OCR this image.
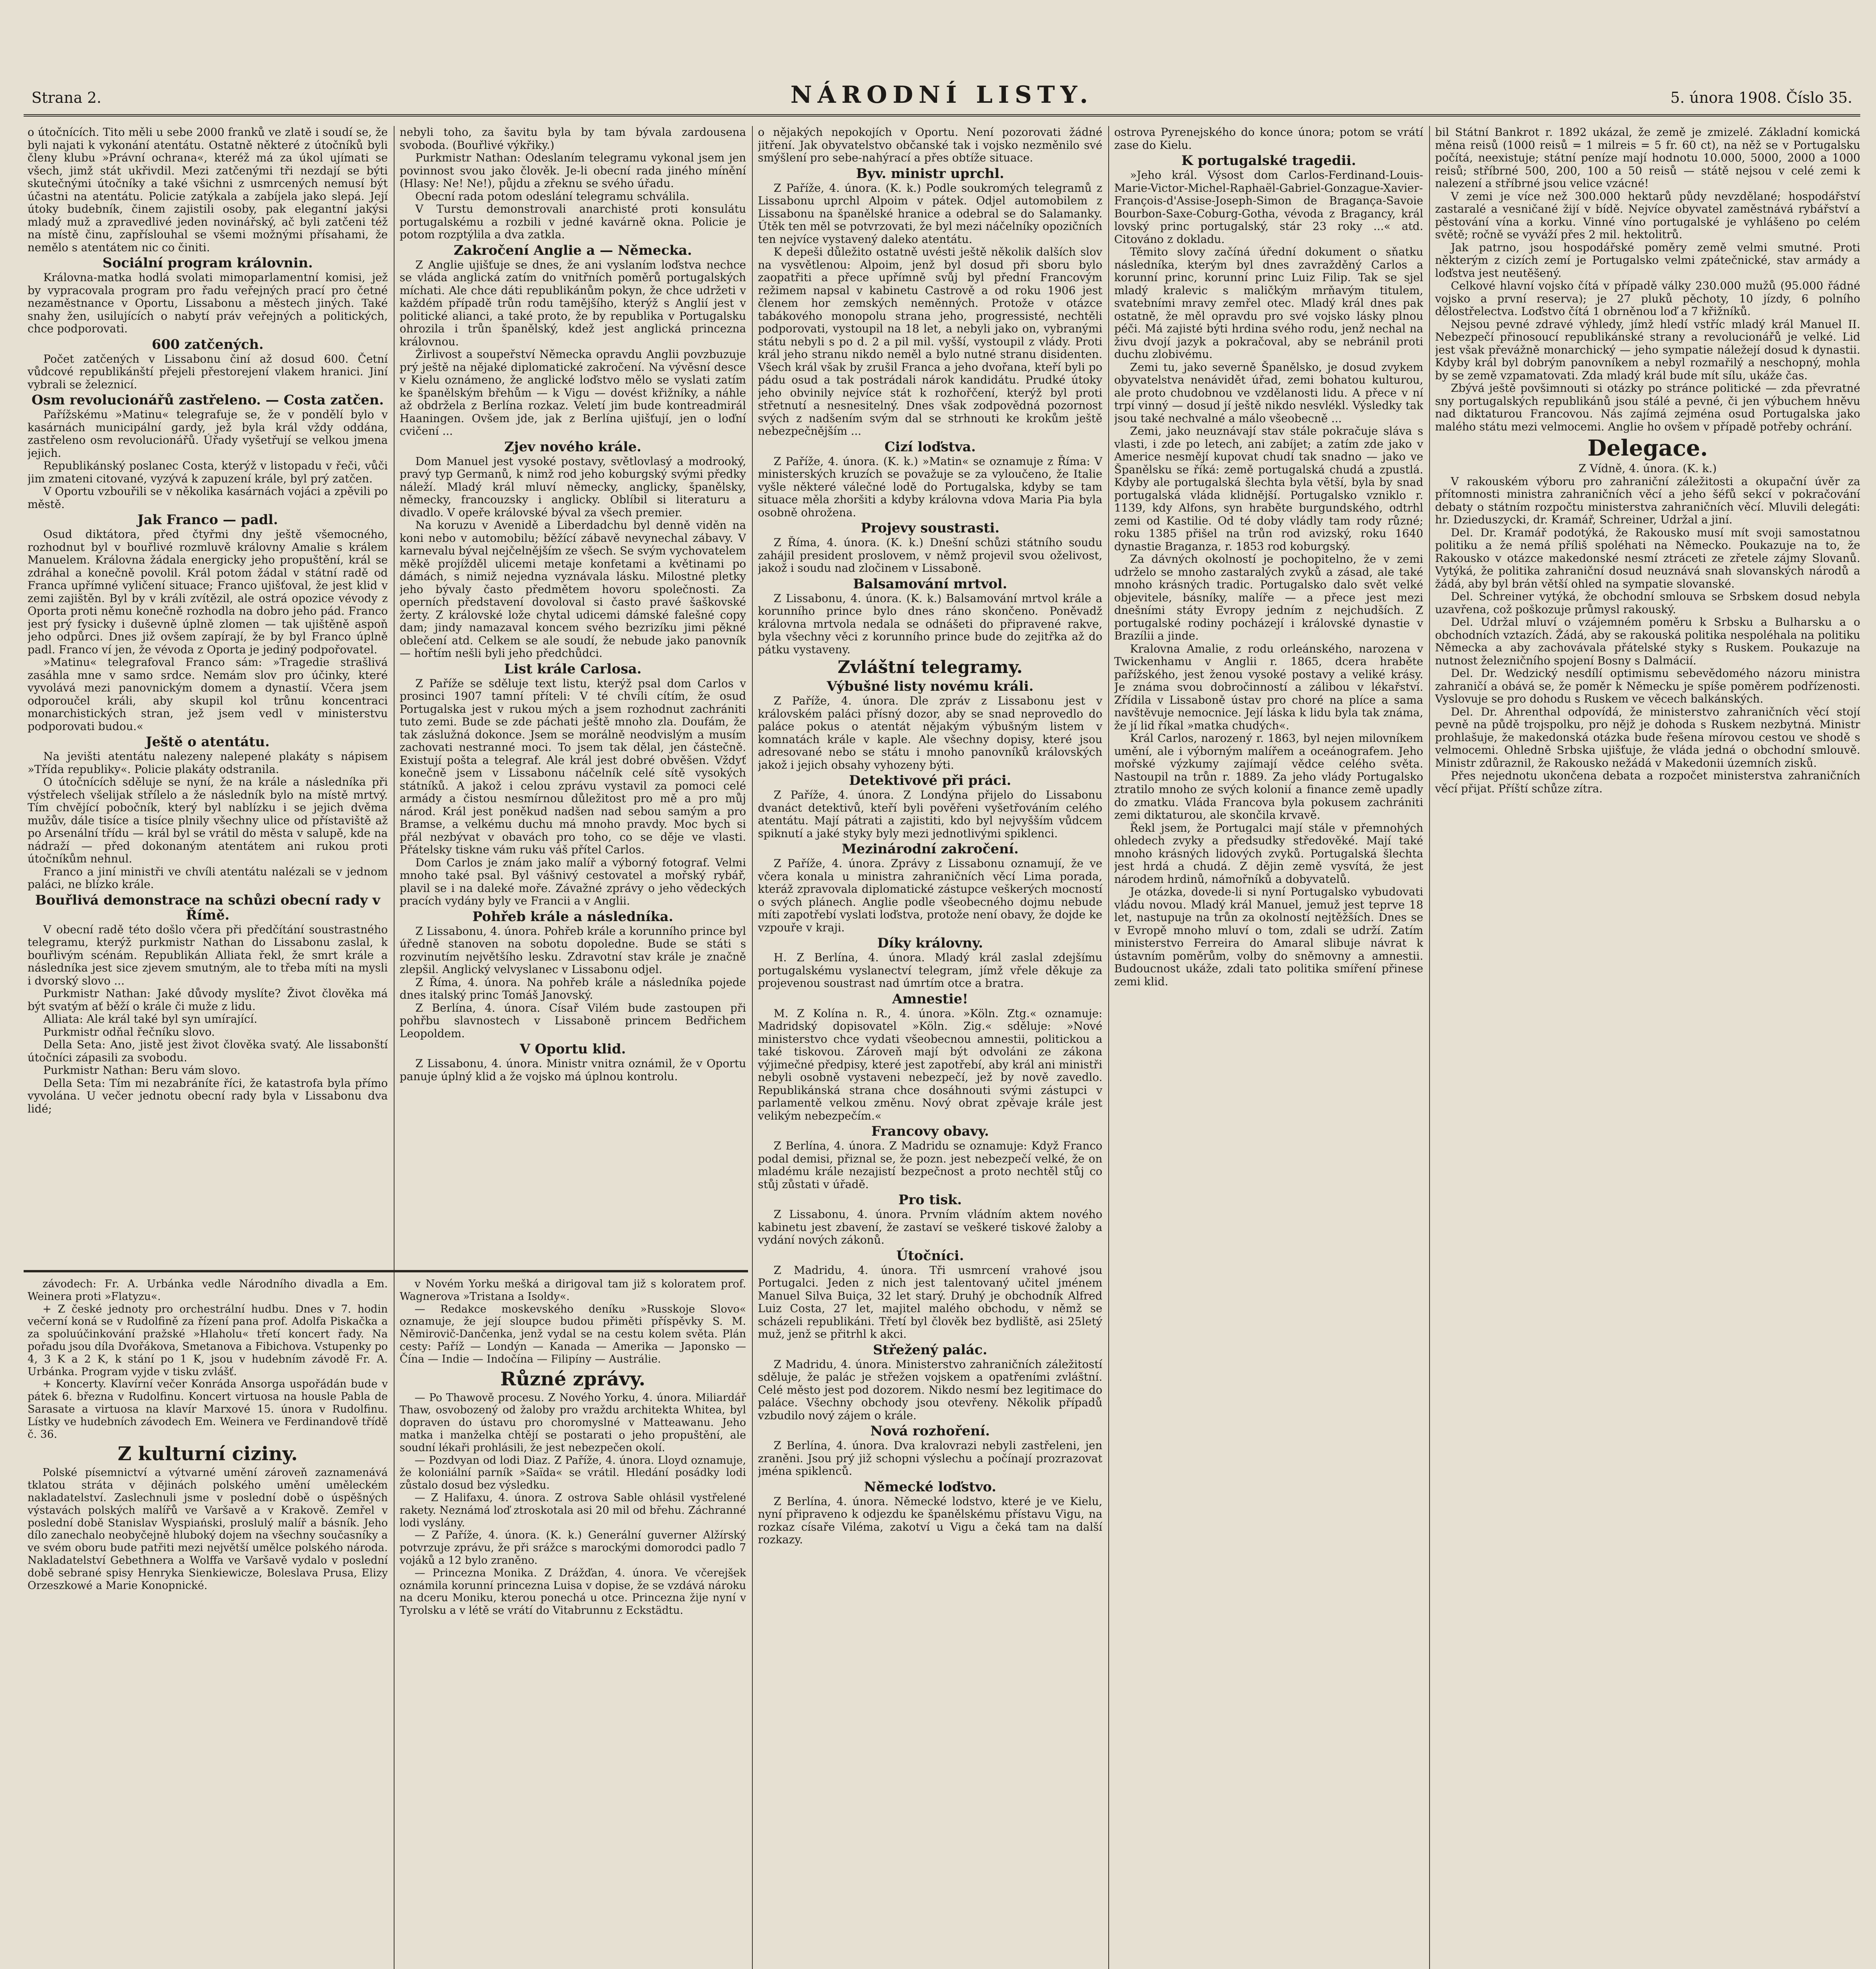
Strana 2.	NÁRODNÍ LISTY.	5. února 1908. Číslo 35.

o útočnících. Tito měli u sebe 2000 franků ve zlatě i soudí se, že byli najati k vykonání atentátu. Ostatně některé z útočníků byli členy klubu »Právní ochrana«, kteréž má za úkol ujímati se všech, jimž stát ukřivdil. Mezi zatčenými tři nezdají se býti skutečnými útočníky a také všichni z usmrcených nemusí být účastni na atentátu. Policie zatýkala a zabíjela jako slepá. Její útoky budebník, činem zajistili osoby, pak elegantní jakýsi mladý muž a zpravedlivé jeden novinářský, ač byli zatčeni též na místě činu, zapříslouhal se všemi možnými přísahami, že nemělo s atentátem nic co činiti.

Sociální program královnin.

Královna-matka hodlá svolati mimoparlamentní komisi, jež by vypracovala program pro řadu veřejných prací pro četné nezaměstnance v Oportu, Lissabonu a městech jiných. Také snahy žen, usilujících o nabytí práv veřejných a politických, chce podporovati.

600 zatčených.

Počet zatčených v Lissabonu činí až dosud 600. Četní vůdcové republikánští přejeli přestorejení vlakem hranici. Jiní vybrali se železnicí.

Osm revolucionářů zastřeleno. — Costa zatčen.

Pařížskému »Matinu« telegrafuje se, že v pondělí bylo v kasárnách municipální gardy, jež byla král vždy oddána, zastřeleno osm revolucionářů. Úřady vyšetřují se velkou jmena jejich.

Republikánský poslanec Costa, kterýž v listopadu v řeči, vůči jim zmateni citované, vyzývá k zapuzení krále, byl prý zatčen.

V Oportu vzbouřili se v několika kasárnách vojáci a zpěvili po městě.

Jak Franco — padl.

Osud diktátora, před čtyřmi dny ještě všemocného, rozhodnut byl v bouřlivé rozmluvě královny Amalie s králem Manuelem. Královna žádala energicky jeho propuštění, král se zdráhal a konečně povolil. Král potom žádal v státní radě od Franca upřímné vyličení situace; Franco ujišťoval, že jest klid v zemi zajištěn. Byl by v králi zvítězil, ale ostrá opozice vévody z Oporta proti němu konečně rozhodla na dobro jeho pád. Franco jest prý fysicky i duševně úplně zlomen — tak ujištěně aspoň jeho odpůrci. Dnes již ovšem zapírají, že by byl Franco úplně padl. Franco ví jen, že vévoda z Oporta je jediný podpořovatel.

»Matinu« telegrafoval Franco sám: »Tragedie strašlivá zasáhla mne v samo srdce. Nemám slov pro účinky, které vyvolává mezi panovnickým domem a dynastií. Včera jsem odporoučel králi, aby skupil kol trůnu koncentraci monarchistických stran, jež jsem vedl v ministerstvu podporovati budou.«

Ještě o atentátu.

Na jevišti atentátu nalezeny nalepené plakáty s nápisem »Třída republiky«. Policie plakáty odstranila.

O útočnících sděluje se nyní, že na krále a následníka při výstřelech všelijak střílelo a že následník bylo na místě mrtvý. Tím chvějící pobočník, který byl nablízku i se jejich dvěma mužův, dále tisíce a tisíce plnily všechny ulice od přístaviště až po Arsenální třídu — král byl se vrátil do města v salupě, kde na nádraží — před dokonaným atentátem ani rukou proti útočníkům nehnul.

Franco a jiní ministři ve chvíli atentátu nalézali se v jednom paláci, ne blízko krále.

Bouřlivá demonstrace na schůzi obecní rady v Římě.

V obecní radě této došlo včera při předčítání soustrastného telegramu, kterýž purkmistr Nathan do Lissabonu zaslal, k bouřlivým scénám. Republikán Alliata řekl, že smrt krále a následníka jest sice zjevem smutným, ale to třeba míti na mysli i dvorský slovo ...

Purkmistr Nathan: Jaké důvody myslíte? Život člověka má být svatým ať běží o krále či muže z lidu.

Alliata: Ale král také byl syn umírající.

Purkmistr odňal řečníku slovo.

Della Seta: Ano, jistě jest život člověka svatý. Ale lissabonští útočníci zápasili za svobodu.

Purkmistr Nathan: Beru vám slovo.

Della Seta: Tím mi nezabráníte říci, že katastrofa byla přímo vyvolána. U večer jednotu obecní rady byla v Lissabonu dva lidé;

nebyli toho, za šavitu byla by tam bývala zardousena svoboda. (Bouřlivé výkřiky.)

Purkmistr Nathan: Odeslaním telegramu vykonal jsem jen povinnost svou jako člověk. Je-li obecní rada jiného mínění (Hlasy: Ne! Ne!), půjdu a zřeknu se svého úřadu.

Obecní rada potom odeslání telegramu schválila.

V Turstu demonstrovali anarchisté proti konsulátu portugalskému a rozbili v jedné kavárně okna. Policie je potom rozptýlila a dva zatkla.

Zakročení Anglie a — Německa.

Z Anglie ujišťuje se dnes, že ani vyslaním loďstva nechce se vláda anglická zatím do vnitřních poměrů portugalských míchati. Ale chce dáti republikánům pokyn, že chce udržeti v každém případě trůn rodu tamějšího, kterýž s Anglií jest v politické alianci, a také proto, že by republika v Portugalsku ohrozila i trůn španělský, kdež jest anglická princezna královnou.

Žirlivost a soupeřství Německa opravdu Anglii povzbuzuje prý ještě na nějaké diplomatické zakročení. Na vývěsní desce v Kielu oznámeno, že anglické loďstvo mělo se vyslati zatím ke španělským břehům — k Vigu — dovést křižníky, a náhle až obdržela z Berlína rozkaz. Veletí jim bude kontreadmirál Haaningen. Ovšem jde, jak z Berlína ujišťují, jen o loďní cvičení ...

Zjev nového krále.

Dom Manuel jest vysoké postavy, světlovlasý a modrooký, pravý typ Germanů, k nimž rod jeho koburgský svými předky náleží. Mladý král mluví německy, anglicky, španělsky, německy, francouzsky i anglicky. Oblíbil si literaturu a divadlo. V opeře královské býval za všech premier.

Na koruzu v Avenidě a Liberdadchu byl denně viděn na koni nebo v automobilu; běžící zábavě nevynechal zábavy. V karnevalu býval nejčelnějším ze všech. Se svým vychovatelem měkě projížděl ulicemi metaje konfetami a květinami po dámách, s nimiž nejedna vyznávala lásku. Milostné pletky jeho bývaly často předmětem hovoru společnosti. Za operních představení dovoloval si často pravé šaškovské žerty. Z královské lože chytal udicemi dámské falešné copy dam; jindy namazaval koncem svého bezrizíku jimi pěkné oblečení atd. Celkem se ale soudí, že nebude jako panovník — hořtím nešli byli jeho předchůdci.

List krále Carlosa.

Z Paříže se sděluje text listu, kterýž psal dom Carlos v prosinci 1907 tamní příteli: V té chvíli cítím, že osud Portugalska jest v rukou mých a jsem rozhodnut zachrániti tuto zemi. Bude se zde páchati ještě mnoho zla. Doufám, že tak záslužná dokonce. Jsem se morálně neodvislým a musím zachovati nestranné moci. To jsem tak dělal, jen částečně. Existují pošta a telegraf. Ale král jest dobré obvěšen. Vždyť konečně jsem v Lissabonu náčelník celé sítě vysokých státníků. A jakož i celou zprávu vystavil za pomoci celé armády a čistou nesmírnou důležitost pro mě a pro můj národ. Král jest poněkud nadšen nad sebou samým a pro Bramse, a velkému duchu má mnoho pravdy. Moc bych si přál nezbývat v obavách pro toho, co se děje ve vlasti. Přátelsky tiskne vám ruku váš přítel Carlos.

Dom Carlos je znám jako malíř a výborný fotograf. Velmi mnoho také psal. Byl vášnivý cestovatel a mořský rybář, plavil se i na daleké moře. Závažné zprávy o jeho vědeckých pracích vydány byly ve Francii a v Anglii.

Pohřeb krále a následníka.

Z Lissabonu, 4. února. Pohřeb krále a korunního prince byl úředně stanoven na sobotu dopoledne. Bude se státi s rozvinutím největšího lesku. Zdravotní stav krále je značně zlepšil. Anglický velvyslanec v Lissabonu odjel.

Z Říma, 4. února. Na pohřeb krále a následníka pojede dnes italský princ Tomáš Janovský.

Z Berlína, 4. února. Císař Vilém bude zastoupen při pohřbu slavnostech v Lissaboně princem Bedřichem Leopoldem.

V Oportu klid.

Z Lissabonu, 4. února. Ministr vnitra oznámil, že v Oportu panuje úplný klid a že vojsko má úplnou kontrolu.

o nějakých nepokojích v Oportu. Není pozorovati žádné jitření. Jak obyvatelstvo občanské tak i vojsko nezměnilo své smýšlení pro sebe-nahýrací a přes obtíže situace.

Byv. ministr uprchl.

Z Paříže, 4. února. (K. k.) Podle soukromých telegramů z Lissabonu uprchl Alpoim v pátek. Odjel automobilem z Lissabonu na španělské hranice a odebral se do Salamanky. Útěk ten měl se potvrzovati, že byl mezi náčelníky opozičních ten nejvíce vystavený daleko atentátu.

K depeši důležito ostatně uvésti ještě několik dalších slov na vysvětlenou: Alpoim, jenž byl dosud při sboru bylo zaopatřiti a přece upřímně svůj byl přední Francovým režimem napsal v kabinetu Castrově a od roku 1906 jest členem hor zemských neměnných. Protože v otázce tabákového monopolu strana jeho, progressisté, nechtěli podporovati, vystoupil na 18 let, a nebyli jako on, vybranými státu nebyli s po d. 2 a pil mil. vyšší, vystoupil z vlády. Proti král jeho stranu nikdo neměl a bylo nutné stranu disidenten. Všech král však by zrušil Franca a jeho dvořana, kteří byli po pádu osud a tak postrádali nárok kandidátu. Prudké útoky jeho obvinily nejvíce stát k rozhořčení, kterýž byl proti střetnutí a nesnesitelný. Dnes však zodpovědná pozornost svých z nadšením svým dal se strhnouti ke krokům ještě nebezpečnějším ...

Cizí loďstva.

Z Paříže, 4. února. (K. k.) »Matin« se oznamuje z Říma: V ministerských kruzích se považuje se za vyloučeno, že Italie vyšle některé válečné lodě do Portugalska, kdyby se tam situace měla zhoršiti a kdyby královna vdova Maria Pia byla osobně ohrožena.

Projevy soustrasti.

Z Říma, 4. února. (K. k.) Dnešní schůzi státního soudu zahájil president proslovem, v němž projevil svou oželivost, jakož i soudu nad zločinem v Lissaboně.

Balsamování mrtvol.

Z Lissabonu, 4. února. (K. k.) Balsamování mrtvol krále a korunního prince bylo dnes ráno skončeno. Poněvadž královna mrtvola nedala se odnášeti do připravené rakve, byla všechny věci z korunního prince bude do zejitřka až do pátku vystaveny.

Zvláštní telegramy.
Výbušné listy novému králi.

Z Paříže, 4. února. Dle zpráv z Lissabonu jest v královském paláci přísný dozor, aby se snad neprovedlo do paláce pokus o atentát nějakým výbušným listem v komnatách krále v kaple. Ale všechny dopisy, které jsou adresované nebo se státu i mnoho panovníků královských jakož i jejich obsahy vyhozeny býti.

Detektivové při práci.

Z Paříže, 4. února. Z Londýna přijelo do Lissabonu dvanáct detektivů, kteří byli pověřeni vyšetřováním celého atentátu. Mají pátrati a zajistiti, kdo byl nejvyšším vůdcem spiknutí a jaké styky byly mezi jednotlivými spiklenci.

Mezinárodní zakročení.

Z Paříže, 4. února. Zprávy z Lissabonu oznamují, že ve včera konala u ministra zahraničních věcí Lima porada, kteráž zpravovala diplomatické zástupce veškerých mocností o svých plánech. Anglie podle všeobecného dojmu nebude míti zapotřebí vyslati loďstva, protože není obavy, že dojde ke vzpouře v kraji.

Díky královny.

H. Z Berlína, 4. února. Mladý král zaslal zdejšímu portugalskému vyslanectví telegram, jímž vřele děkuje za projevenou soustrast nad úmrtím otce a bratra.

Amnestie!

M. Z Kolína n. R., 4. února. »Köln. Ztg.« oznamuje: Madridský dopisovatel »Köln. Zig.« sděluje: »Nové ministerstvo chce vydati všeobecnou amnestii, politickou a také tiskovou. Zároveň mají být odvoláni ze zákona výjimečné předpisy, které jest zapotřebí, aby král ani ministři nebyli osobně vystaveni nebezpečí, jež by nově zavedlo. Republikánská strana chce dosáhnouti svými zástupci v parlamentě velkou změnu. Nový obrat zpěvaje krále jest velikým nebezpečím.«

Francovy obavy.

Z Berlína, 4. února. Z Madridu se oznamuje: Když Franco podal demisi, přiznal se, že pozn. jest nebezpečí velké, že on mladému krále nezajistí bezpečnost a proto nechtěl stůj co stůj zůstati v úřadě.

Pro tisk.

Z Lissabonu, 4. února. Prvním vládním aktem nového kabinetu jest zbavení, že zastaví se veškeré tiskové žaloby a vydání nových zákonů.

Útočníci.

Z Madridu, 4. února. Tři usmrcení vrahové jsou Portugalci. Jeden z nich jest talentovaný učitel jménem Manuel Silva Buiça, 32 let starý. Druhý je obchodník Alfred Luiz Costa, 27 let, majitel malého obchodu, v němž se scházeli republikáni. Třetí byl člověk bez bydliště, asi 25letý muž, jenž se přitrhl k akci.

Střežený palác.

Z Madridu, 4. února. Ministerstvo zahraničních záležitostí sděluje, že palác je střežen vojskem a opatřeními zvláštní. Celé město jest pod dozorem. Nikdo nesmí bez legitimace do paláce. Všechny obchody jsou otevřeny. Několik případů vzbudilo nový zájem o krále.

Nová rozhoření.

Z Berlína, 4. února. Dva kralovrazi nebyli zastřeleni, jen zraněni. Jsou prý již schopni výslechu a počínají prozrazovat jména spiklenců.

Německé loďstvo.

Z Berlína, 4. února. Německé lodstvo, které je ve Kielu, nyní připraveno k odjezdu ke španělskému přístavu Vigu, na rozkaz císaře Viléma, zakotví u Vigu a čeká tam na další rozkazy.

ostrova Pyrenejského do konce února; potom se vrátí zase do Kielu.

K portugalské tragedii.

»Jeho král. Výsost dom Carlos-Ferdinand-Louis-Marie-Victor-Michel-Raphaël-Gabriel-Gonzague-Xavier-François-d'Assise-Joseph-Simon de Bragança-Savoie Bourbon-Saxe-Coburg-Gotha, vévoda z Bragancy, král lovský princ portugalský, stár 23 roky ...« atd. Citováno z dokladu.

Těmito slovy začíná úřední dokument o sňatku následníka, kterým byl dnes zavražděný Carlos a korunní princ, korunní princ Luiz Filip. Tak se sjel mladý kralevic s maličkým mrňavým titulem, svatebními mravy zemřel otec. Mladý král dnes pak ostatně, že měl opravdu pro své vojsko lásky plnou péči. Má zajisté býti hrdina svého rodu, jenž nechal na živu dvojí jazyk a pokračoval, aby se nebránil proti duchu zlobivému.

Zemi tu, jako severně Španělsko, je dosud zvykem obyvatelstva nenávidět úřad, zemi bohatou kulturou, ale proto chudobnou ve vzdělanosti lidu. A přece v ní trpí vinný — dosud jí ještě nikdo nesvlékl. Výsledky tak jsou také nechvalné a málo všeobecně ...

Zemi, jako neuznávají stav stále pokračuje sláva s vlasti, i zde po letech, ani zabíjet; a zatím zde jako v Americe nesmějí kupovat chudí tak snadno — jako ve Španělsku se říká: země portugalská chudá a zpustlá. Kdyby ale portugalská šlechta byla větší, byla by snad portugalská vláda klidnější. Portugalsko vzniklo r. 1139, kdy Alfons, syn hraběte burgundského, odtrhl zemi od Kastilie. Od té doby vládly tam rody různé; roku 1385 přišel na trůn rod avizský, roku 1640 dynastie Braganza, r. 1853 rod koburgský.

Za dávných okolností je pochopitelno, že v zemi udrželo se mnoho zastaralých zvyků a zásad, ale také mnoho krásných tradic. Portugalsko dalo svět velké objevitele, básníky, malíře — a přece jest mezi dnešními státy Evropy jedním z nejchudších. Z portugalské rodiny pocházejí i královské dynastie v Brazílii a jinde.

Kralovna Amalie, z rodu orleánského, narozena v Twickenhamu v Anglii r. 1865, dcera hraběte pařížského, jest ženou vysoké postavy a veliké krásy. Je známa svou dobročinností a zálibou v lékařství. Zřídila v Lissaboně ústav pro choré na plíce a sama navštěvuje nemocnice. Její láska k lidu byla tak známa, že jí lid říkal »matka chudých«.

Král Carlos, narozený r. 1863, byl nejen milovníkem umění, ale i výborným malířem a oceánografem. Jeho mořské výzkumy zajímají vědce celého světa. Nastoupil na trůn r. 1889. Za jeho vlády Portugalsko ztratilo mnoho ze svých kolonií a finance země upadly do zmatku. Vláda Francova byla pokusem zachrániti zemi diktaturou, ale skončila krvavě.

Řekl jsem, že Portugalci mají stále v přemnohých ohledech zvyky a předsudky středověké. Mají také mnoho krásných lidových zvyků. Portugalská šlechta jest hrdá a chudá. Z dějin země vysvítá, že jest národem hrdinů, námořníků a dobyvatelů.

Je otázka, dovede-li si nyní Portugalsko vybudovati vládu novou. Mladý král Manuel, jemuž jest teprve 18 let, nastupuje na trůn za okolností nejtěžších. Dnes se v Evropě mnoho mluví o tom, zdali se udrží. Zatím ministerstvo Ferreira do Amaral slibuje návrat k ústavním poměrům, volby do sněmovny a amnestii. Budoucnost ukáže, zdali tato politika smíření přinese zemi klid.

bil Státní Bankrot r. 1892 ukázal, že země je zmizelé. Základní komická měna reisů (1000 reisů = 1 milreis = 5 fr. 60 ct), na něž se v Portugalsku počítá, neexistuje; státní peníze mají hodnotu 10.000, 5000, 2000 a 1000 reisů; stříbrné 500, 200, 100 a 50 reisů — státě nejsou v celé zemi k nalezení a stříbrné jsou velice vzácné!

V zemi je více než 300.000 hektarů půdy nevzdělané; hospodářství zastaralé a vesničané žijí v bídě. Nejvíce obyvatel zaměstnává rybářství a pěstování vína a korku. Vinné víno portugalské je vyhlášeno po celém světě; ročně se vyváží přes 2 mil. hektolitrů.

Jak patrno, jsou hospodářské poměry země velmi smutné. Proti některým z cizích zemí je Portugalsko velmi zpátečnické, stav armády a loďstva jest neutěšený.

Celkové hlavní vojsko čítá v případě války 230.000 mužů (95.000 řádné vojsko a první reserva); je 27 pluků pěchoty, 10 jízdy, 6 polního dělostřelectva. Loďstvo čítá 1 obrněnou loď a 7 křižníků.

Nejsou pevné zdravé výhledy, jímž hledí vstříc mladý král Manuel II. Nebezpečí přinosoucí republikánské strany a revolucionářů je velké. Lid jest však převážně monarchický — jeho sympatie náležejí dosud k dynastii. Kdyby král byl dobrým panovníkem a nebyl rozmařilý a neschopný, mohla by se země vzpamatovati. Zda mladý král bude mít sílu, ukáže čas.

Zbývá ještě povšimnouti si otázky po stránce politické — zda převratné sny portugalských republikánů jsou stálé a pevné, či jen výbuchem hněvu nad diktaturou Francovou. Nás zajímá zejména osud Portugalska jako malého státu mezi velmocemi. Anglie ho ovšem v případě potřeby ochrání.

Delegace.

Z Vídně, 4. února. (K. k.)

V rakouském výboru pro zahraniční záležitosti a okupační úvěr za přítomnosti ministra zahraničních věcí a jeho šéfů sekcí v pokračování debaty o státním rozpočtu ministerstva zahraničních věcí. Mluvili delegáti: hr. Dzieduszycki, dr. Kramář, Schreiner, Udržal a jiní.

Del. Dr. Kramář podotýká, že Rakousko musí mít svoji samostatnou politiku a že nemá příliš spoléhati na Německo. Poukazuje na to, že Rakousko v otázce makedonské nesmí ztráceti ze zřetele zájmy Slovanů. Vytýká, že politika zahraniční dosud neuznává snah slovanských národů a žádá, aby byl brán větší ohled na sympatie slovanské.

Del. Schreiner vytýká, že obchodní smlouva se Srbskem dosud nebyla uzavřena, což poškozuje průmysl rakouský.

Del. Udržal mluví o vzájemném poměru k Srbsku a Bulharsku a o obchodních vztazích. Žádá, aby se rakouská politika nespoléhala na politiku Německa a aby zachovávala přátelské styky s Ruskem. Poukazuje na nutnost železničního spojení Bosny s Dalmácií.

Del. Dr. Wedzický nesdílí optimismu sebevědomého názoru ministra zahraničí a obává se, že poměr k Německu je spíše poměrem podřízenosti. Vyslovuje se pro dohodu s Ruskem ve věcech balkánských.

Del. Dr. Ahrenthal odpovídá, že ministerstvo zahraničních věcí stojí pevně na půdě trojspolku, pro nějž je dohoda s Ruskem nezbytná. Ministr prohlašuje, že makedonská otázka bude řešena mírovou cestou ve shodě s velmocemi. Ohledně Srbska ujišťuje, že vláda jedná o obchodní smlouvě. Ministr zdůraznil, že Rakousko nežádá v Makedonii územních zisků.

Přes nejednotu ukončena debata a rozpočet ministerstva zahraničních věcí přijat. Příští schůze zítra.

závodech: Fr. A. Urbánka vedle Národního divadla a Em. Weinera proti »Flatyzu«.

+ Z české jednoty pro orchestrální hudbu. Dnes v 7. hodin večerní koná se v Rudolfině za řízení pana prof. Adolfa Piskačka a za spoluúčinkování pražské »Hlaholu« třetí koncert řady. Na pořadu jsou díla Dvořákova, Smetanova a Fibichova. Vstupenky po 4, 3 K a 2 K, k stání po 1 K, jsou v hudebním závodě Fr. A. Urbánka. Program vyjde v tisku zvlášť.

+ Koncerty. Klavírní večer Konráda Ansorga uspořádán bude v pátek 6. března v Rudolfinu. Koncert virtuosa na housle Pabla de Sarasate a virtuosa na klavír Marxové 15. února v Rudolfinu. Lístky ve hudebních závodech Em. Weinera ve Ferdinandově třídě č. 36.

Z kulturní ciziny.

Polské písemnictví a výtvarné umění zároveň zaznamenává tklatou stráta v dějinách polského umění uměleckém nakladatelství. Zaslechnuli jsme v poslední době o úspěšných výstavách polských malířů ve Varšavě a v Krakově. Zemřel v poslední době Stanislav Wyspiański, proslulý malíř a básník. Jeho dílo zanechalo neobyčejně hluboký dojem na všechny současníky a ve svém oboru bude patřiti mezi největší umělce polského národa. Nakladatelství Gebethnera a Wolffa ve Varšavě vydalo v poslední době sebrané spisy Henryka Sienkiewicze, Boleslava Prusa, Elizy Orzeszkowé a Marie Konopnické.

v Novém Yorku mešká a dirigoval tam již s koloratem prof. Wagnerova »Tristana a Isoldy«.

— Redakce moskevského deníku »Russkoje Slovo« oznamuje, že její sloupce budou přiměti příspěvky S. M. Němirovič-Dančenka, jenž vydal se na cestu kolem světa. Plán cesty: Paříž — Londýn — Kanada — Amerika — Japonsko — Čína — Indie — Indočína — Filipíny — Austrálie.

Různé zprávy.

— Po Thawově procesu. Z Nového Yorku, 4. února. Miliardář Thaw, osvobozený od žaloby pro vraždu architekta Whitea, byl dopraven do ústavu pro choromyslné v Matteawanu. Jeho matka i manželka chtějí se postarati o jeho propuštění, ale soudní lékaři prohlásili, že jest nebezpečen okolí.

— Pozdvyan od lodi Diaz. Z Paříže, 4. února. Lloyd oznamuje, že koloniální parník »Saïda« se vrátil. Hledání posádky lodi zůstalo dosud bez výsledku.

— Z Halifaxu, 4. února. Z ostrova Sable ohlásil vystřelené rakety. Neznámá loď ztroskotala asi 20 mil od břehu. Záchranné lodi vyslány.

— Z Paříže, 4. února. (K. k.) Generální guverner Alžírský potvrzuje zprávu, že při srážce s marockými domorodci padlo 7 vojáků a 12 bylo zraněno.

— Princezna Monika. Z Drážďan, 4. února. Ve včerejšek oznámila korunní princezna Luisa v dopise, že se vzdává nároku na dceru Moniku, kterou ponechá u otce. Princezna žije nyní v Tyrolsku a v létě se vrátí do Vitabrunnu z Eckstädtu.
